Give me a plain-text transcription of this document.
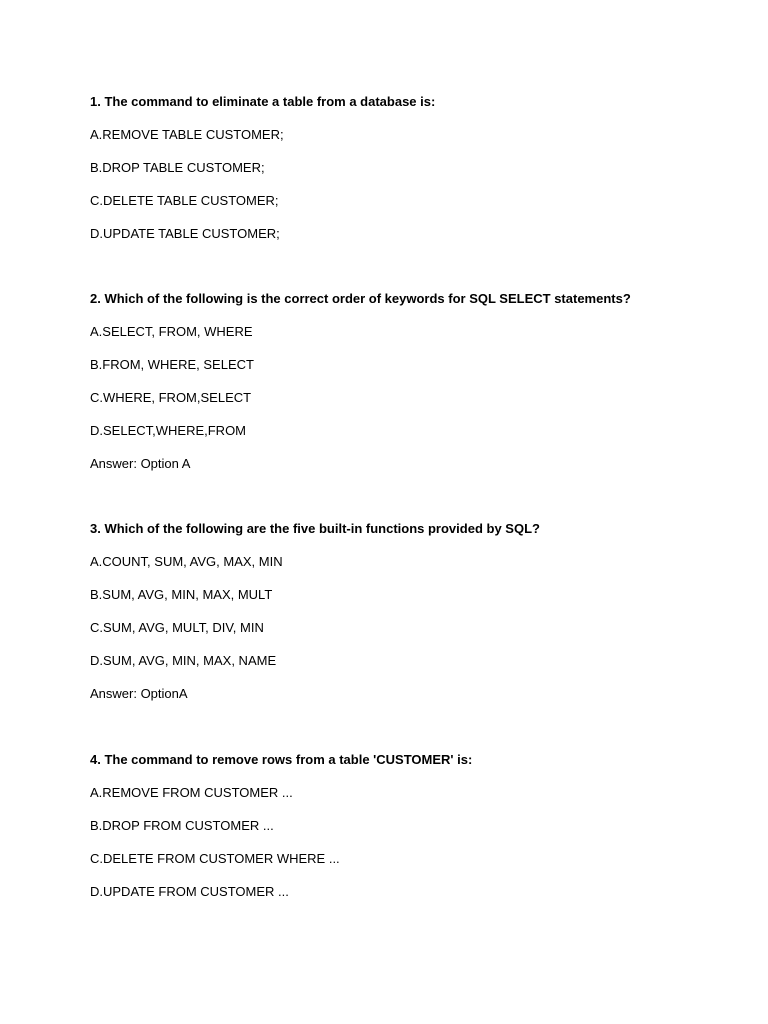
1. The command to eliminate a table from a database is:

A.REMOVE TABLE CUSTOMER;

B.DROP TABLE CUSTOMER;

C.DELETE TABLE CUSTOMER;

D.UPDATE TABLE CUSTOMER;

2. Which of the following is the correct order of keywords for SQL SELECT statements?

A.SELECT, FROM, WHERE

B.FROM, WHERE, SELECT

C.WHERE, FROM,SELECT

D.SELECT,WHERE,FROM

Answer: Option A

3. Which of the following are the five built-in functions provided by SQL?

A.COUNT, SUM, AVG, MAX, MIN

B.SUM, AVG, MIN, MAX, MULT

C.SUM, AVG, MULT, DIV, MIN

D.SUM, AVG, MIN, MAX, NAME

Answer: OptionA

4. The command to remove rows from a table 'CUSTOMER' is:

A.REMOVE FROM CUSTOMER ...

B.DROP FROM CUSTOMER ...

C.DELETE FROM CUSTOMER WHERE ...

D.UPDATE FROM CUSTOMER ...
